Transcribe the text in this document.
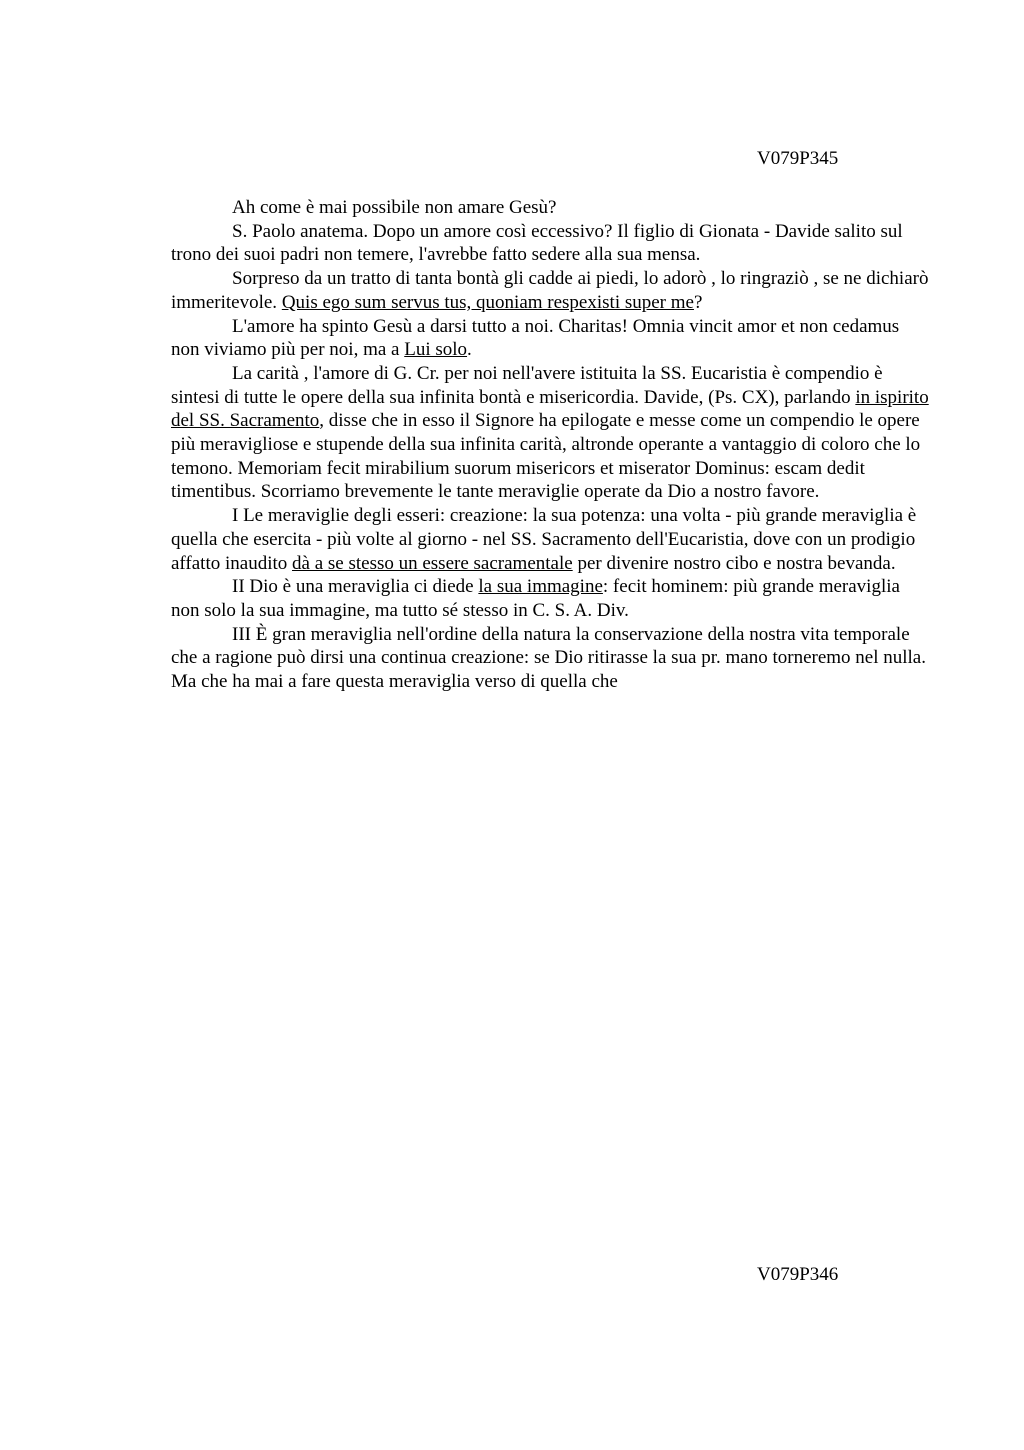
V079P345

Ah come è mai possibile non amare Gesù?

S. Paolo anatema. Dopo un amore così eccessivo? Il figlio di Gionata - Davide salito sul trono dei suoi padri non temere, l'avrebbe fatto sedere alla sua mensa.

Sorpreso da un tratto di tanta bontà gli cadde ai piedi, lo adorò , lo ringraziò , se ne dichiarò immeritevole. Quis ego sum servus tus, quoniam respexisti super me?

L'amore ha spinto Gesù a darsi tutto a noi. Charitas! Omnia vincit amor et non cedamus non viviamo più per noi, ma a Lui solo.

La carità , l'amore di G. Cr. per noi nell'avere istituita la SS. Eucaristia è compendio è sintesi di tutte le opere della sua infinita bontà e misericordia. Davide, (Ps. CX), parlando in ispirito del SS. Sacramento, disse che in esso il Signore ha epilogate e messe come un compendio le opere più meravigliose e stupende della sua infinita carità, altronde operante a vantaggio di coloro che lo temono. Memoriam fecit mirabilium suorum misericors et miserator Dominus: escam dedit timentibus. Scorriamo brevemente le tante meraviglie operate da Dio a nostro favore.

I Le meraviglie degli esseri: creazione: la sua potenza: una volta - più grande meraviglia è quella che esercita - più volte al giorno - nel SS. Sacramento dell'Eucaristia, dove con un prodigio affatto inaudito dà a se stesso un essere sacramentale per divenire nostro cibo e nostra bevanda.

II Dio è una meraviglia ci diede la sua immagine: fecit hominem: più grande meraviglia non solo la sua immagine, ma tutto sé stesso in C. S. A. Div.

III È gran meraviglia nell'ordine della natura la conservazione della nostra vita temporale che a ragione può dirsi una continua creazione: se Dio ritirasse la sua pr. mano torneremo nel nulla. Ma che ha mai a fare questa meraviglia verso di quella che

V079P346
